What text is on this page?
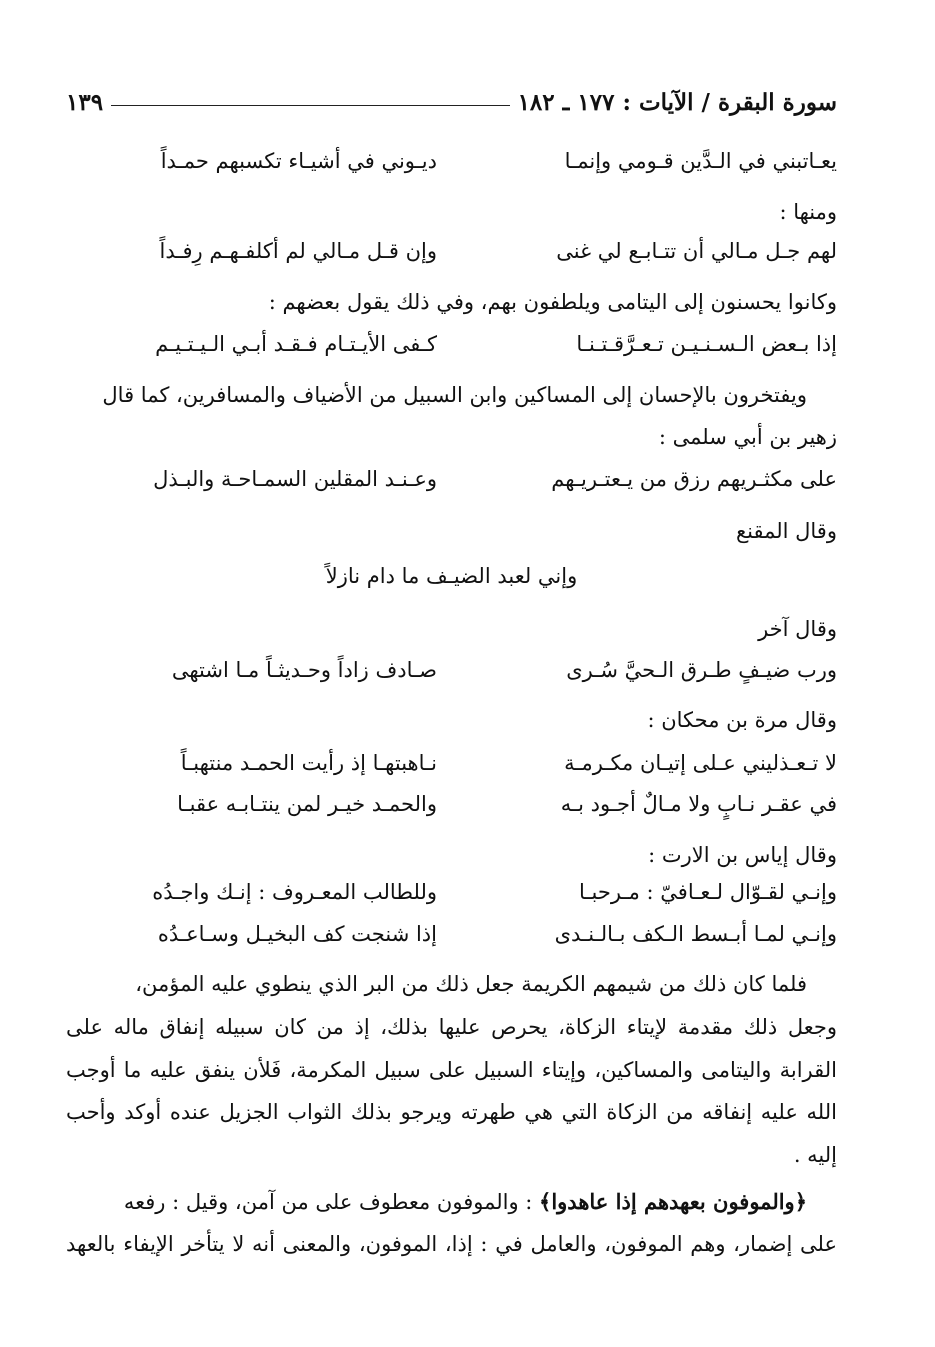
١٣٩	سورة البقرة / الآيات : ١٧٧ ـ ١٨٢
يعـاتبني في الـدَّين قـومي وإنمـا
ديـوني في أشيـاء تكسبهم حمـداً
ومنها :
لهم جـل مـالي أن تتـابـع لي غنى
وإن قـل مـالي لم أكلفـهـم رِفـداً
وكانوا يحسنون إلى اليتامى ويلطفون بهم، وفي ذلك يقول بعضهم :
إذا بـعض الـسـنـيـن تـعـرَّقـتـنـا
كـفى الأيـتـام فـقـد أبـي الـيـتـيـم
ويفتخرون بالإحسان إلى المساكين وابن السبيل من الأضياف والمسافرين، كما قال
زهير بن أبي سلمى :
على مكثـريهم رزق من يـعتـريـهم
وعـنـد المقلين السمـاحـة والبـذل
وقال المقنع
وإني لعبد الضيـف ما دام نازلاً
وقال آخر
ورب ضيـفٍ طـرق الـحيَّ سُـرى
صـادف زاداً وحـديثـاً مـا اشتهى
وقال مرة بن محكان :
لا تـعـذليني عـلى إتيـان مكـرمـة
نـاهبتهـا إذ رأيت الحمـد منتهبـاً
في عقـر نـابٍ ولا مـالٌ أجـود بـه
والحمـد خيـر لمن ينتـابـه عقبـا
وقال إياس بن الارت :
وإنـي لقـوّال لـعـافيّ : مـرحبـا
وللطالب المعـروف : إنـك واجـدُه
وإنـي لمـا أبـسط الـكف بـالـنـدى
إذا شنجت كف البخيـل وسـاعـدُه
فلما كان ذلك من شيمهم الكريمة جعل ذلك من البر الذي ينطوي عليه المؤمن،
وجعل ذلك مقدمة لإيتاء الزكاة، يحرص عليها بذلك، إذ من كان سبيله إنفاق ماله على
القرابة واليتامى والمساكين، وإيتاء السبيل على سبيل المكرمة، فَلأن ينفق عليه ما أوجب
الله عليه إنفاقه من الزكاة التي هي طهرته ويرجو بذلك الثواب الجزيل عنده أوكد وأحب
إليه .
﴿والموفون بعهدهم إذا عاهدوا﴾ : والموفون معطوف على من آمن، وقيل : رفعه
على إضمار، وهم الموفون، والعامل في : إذا، الموفون، والمعنى أنه لا يتأخر الإيفاء بالعهد
